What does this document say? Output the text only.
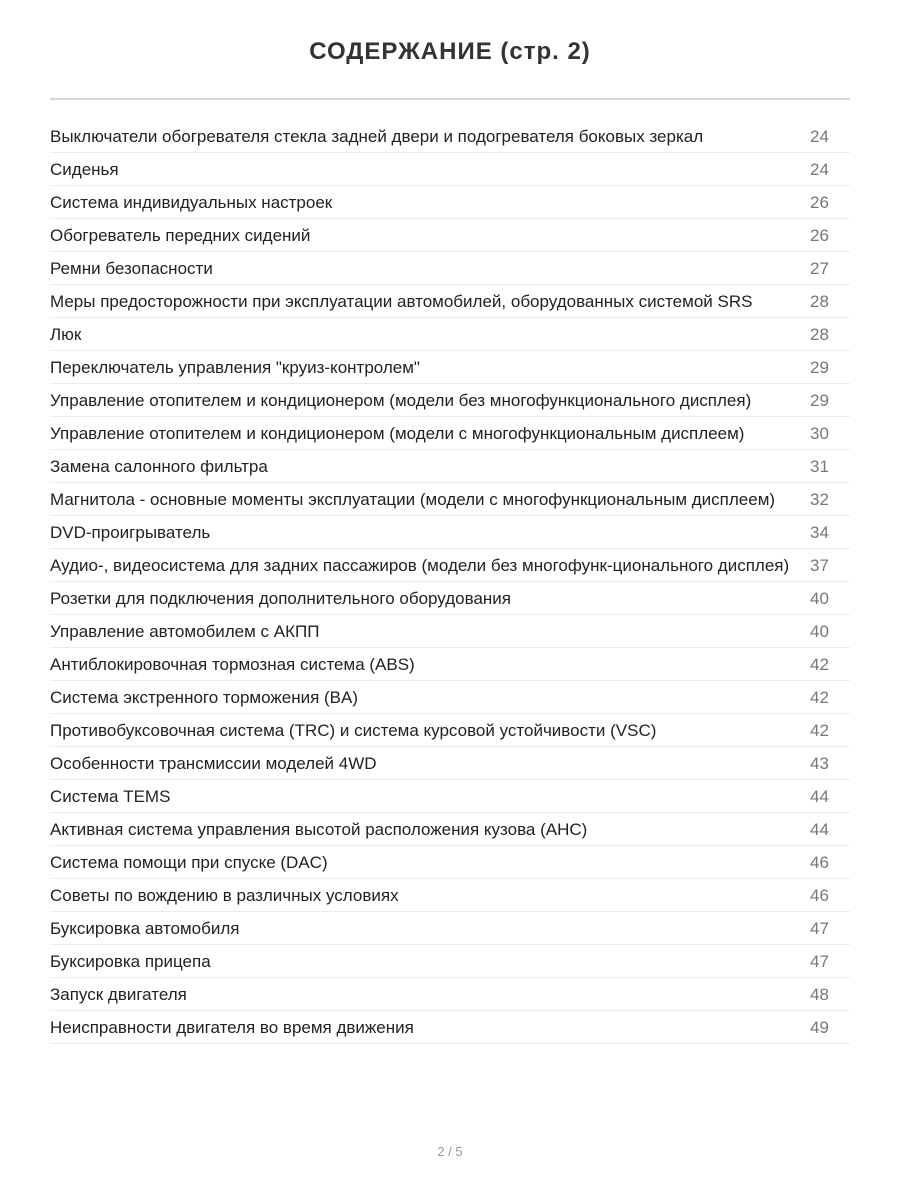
СОДЕРЖАНИЕ (стр. 2)
Выключатели обогревателя стекла задней двери и подогревателя боковых зеркал	24
Сиденья	24
Система индивидуальных настроек	26
Обогреватель передних сидений	26
Ремни безопасности	27
Меры предосторожности при эксплуатации автомобилей, оборудованных системой SRS	28
Люк	28
Переключатель управления "круиз-контролем"	29
Управление отопителем и кондиционером (модели без многофункционального дисплея)	29
Управление отопителем и кондиционером (модели с многофункциональным дисплеем)	30
Замена салонного фильтра	31
Магнитола - основные моменты эксплуатации (модели с многофункциональным дисплеем)	32
DVD-проигрыватель	34
Аудио-, видеосистема для задних пассажиров (модели без многофунк-ционального дисплея)	37
Розетки для подключения дополнительного оборудования	40
Управление автомобилем с АКПП	40
Антиблокировочная тормозная система (ABS)	42
Система экстренного торможения (BA)	42
Противобуксовочная система (TRC) и система курсовой устойчивости (VSC)	42
Особенности трансмиссии моделей 4WD	43
Система TEMS	44
Активная система управления высотой расположения кузова (AHC)	44
Система помощи при спуске (DAC)	46
Советы по вождению в различных условиях	46
Буксировка автомобиля	47
Буксировка прицепа	47
Запуск двигателя	48
Неисправности двигателя во время движения	49
2 / 5
